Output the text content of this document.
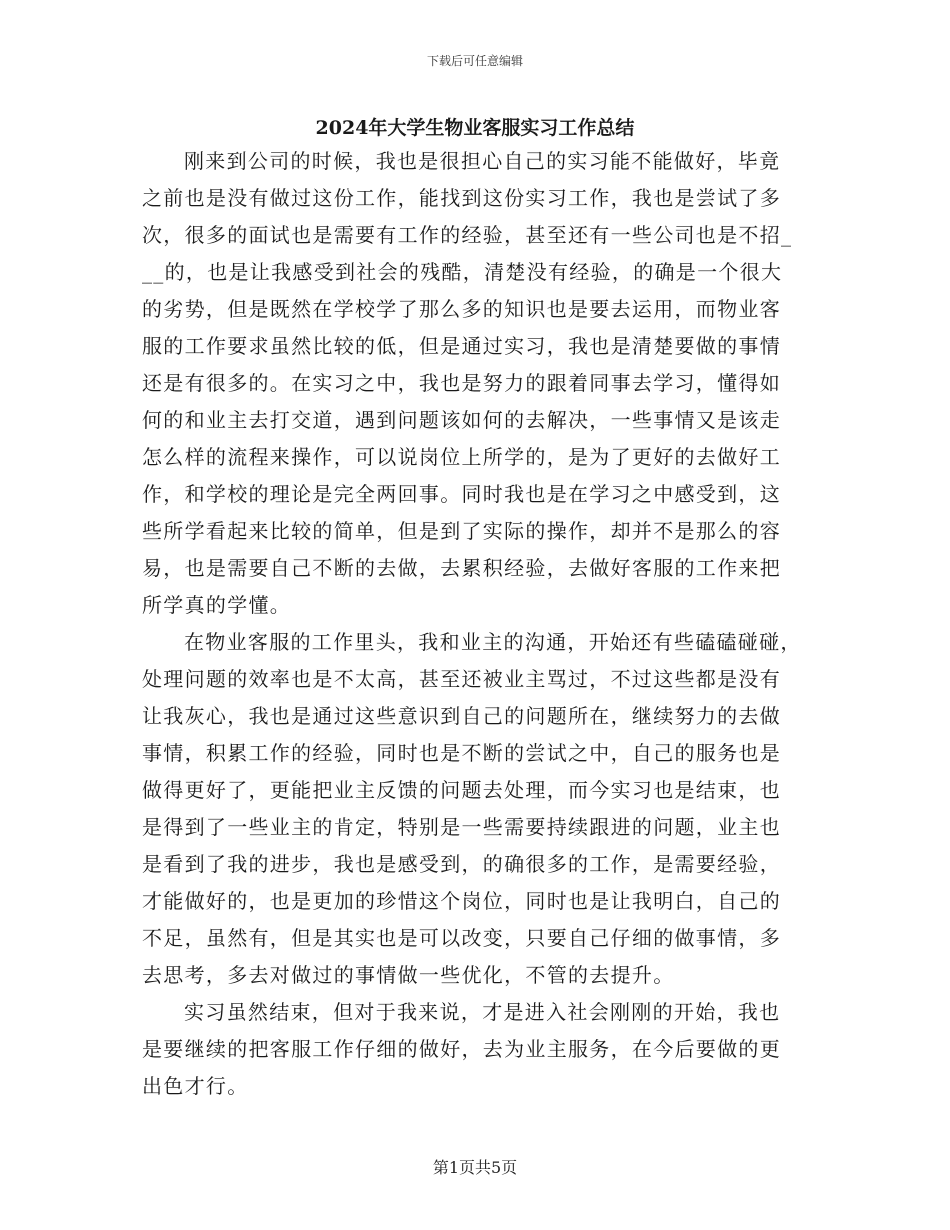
下载后可任意编辑
2024年大学生物业客服实习工作总结
刚来到公司的时候，我也是很担心自己的实习能不能做好，毕竟
之前也是没有做过这份工作，能找到这份实习工作，我也是尝试了多
次，很多的面试也是需要有工作的经验，甚至还有一些公司也是不招_
__的，也是让我感受到社会的残酷，清楚没有经验，的确是一个很大
的劣势，但是既然在学校学了那么多的知识也是要去运用，而物业客
服的工作要求虽然比较的低，但是通过实习，我也是清楚要做的事情
还是有很多的。在实习之中，我也是努力的跟着同事去学习，懂得如
何的和业主去打交道，遇到问题该如何的去解决，一些事情又是该走
怎么样的流程来操作，可以说岗位上所学的，是为了更好的去做好工
作，和学校的理论是完全两回事。同时我也是在学习之中感受到，这
些所学看起来比较的简单，但是到了实际的操作，却并不是那么的容
易，也是需要自己不断的去做，去累积经验，去做好客服的工作来把
所学真的学懂。
在物业客服的工作里头，我和业主的沟通，开始还有些磕磕碰碰，
处理问题的效率也是不太高，甚至还被业主骂过，不过这些都是没有
让我灰心，我也是通过这些意识到自己的问题所在，继续努力的去做
事情，积累工作的经验，同时也是不断的尝试之中，自己的服务也是
做得更好了，更能把业主反馈的问题去处理，而今实习也是结束，也
是得到了一些业主的肯定，特别是一些需要持续跟进的问题，业主也
是看到了我的进步，我也是感受到，的确很多的工作，是需要经验，
才能做好的，也是更加的珍惜这个岗位，同时也是让我明白，自己的
不足，虽然有，但是其实也是可以改变，只要自己仔细的做事情，多
去思考，多去对做过的事情做一些优化，不管的去提升。
实习虽然结束，但对于我来说，才是进入社会刚刚的开始，我也
是要继续的把客服工作仔细的做好，去为业主服务，在今后要做的更
出色才行。
第1页共5页
